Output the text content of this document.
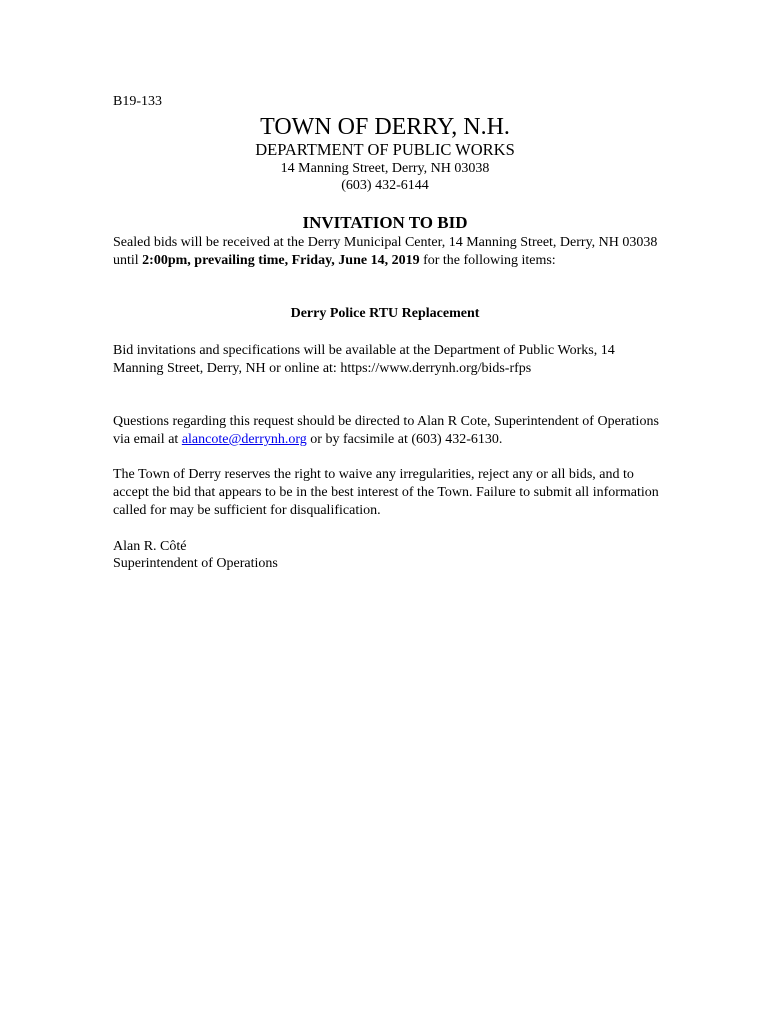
B19-133
TOWN OF DERRY, N.H.
DEPARTMENT OF PUBLIC WORKS
14 Manning Street, Derry, NH 03038
(603) 432-6144
INVITATION TO BID
Sealed bids will be received at the Derry Municipal Center, 14 Manning Street, Derry, NH 03038 until 2:00pm, prevailing time, Friday, June 14, 2019 for the following items:
Derry Police RTU Replacement
Bid invitations and specifications will be available at the Department of Public Works, 14 Manning Street, Derry, NH or online at: https://www.derrynh.org/bids-rfps
Questions regarding this request should be directed to Alan R Cote, Superintendent of Operations via email at alancote@derrynh.org or by facsimile at (603) 432-6130.
The Town of Derry reserves the right to waive any irregularities, reject any or all bids, and to accept the bid that appears to be in the best interest of the Town. Failure to submit all information called for may be sufficient for disqualification.
Alan R. Côté
Superintendent of Operations
